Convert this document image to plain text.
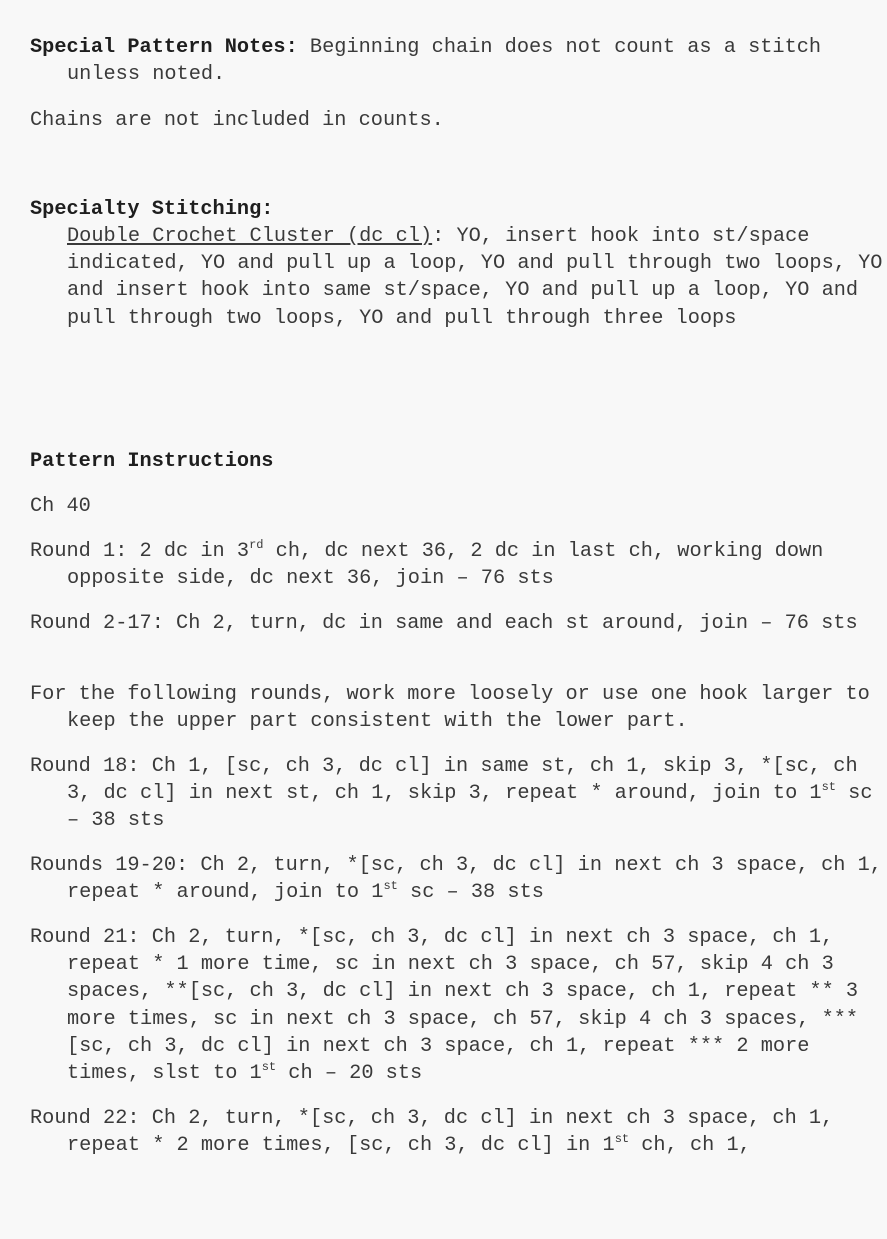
Special Pattern Notes: Beginning chain does not count as a stitch unless noted.
Chains are not included in counts.
Specialty Stitching:
Double Crochet Cluster (dc cl): YO, insert hook into st/space indicated, YO and pull up a loop, YO and pull through two loops, YO and insert hook into same st/space, YO and pull up a loop, YO and pull through two loops, YO and pull through three loops
Pattern Instructions
Ch 40
Round 1: 2 dc in 3rd ch, dc next 36, 2 dc in last ch, working down opposite side, dc next 36, join – 76 sts
Round 2-17: Ch 2, turn, dc in same and each st around, join – 76 sts
For the following rounds, work more loosely or use one hook larger to keep the upper part consistent with the lower part.
Round 18: Ch 1, [sc, ch 3, dc cl] in same st, ch 1, skip 3, *[sc, ch 3, dc cl] in next st, ch 1, skip 3, repeat * around, join to 1st sc – 38 sts
Rounds 19-20: Ch 2, turn, *[sc, ch 3, dc cl] in next ch 3 space, ch 1, repeat * around, join to 1st sc – 38 sts
Round 21: Ch 2, turn, *[sc, ch 3, dc cl] in next ch 3 space, ch 1, repeat * 1 more time, sc in next ch 3 space, ch 57, skip 4 ch 3 spaces, **[sc, ch 3, dc cl] in next ch 3 space, ch 1, repeat ** 3 more times, sc in next ch 3 space, ch 57, skip 4 ch 3 spaces, ***[sc, ch 3, dc cl] in next ch 3 space, ch 1, repeat *** 2 more times, slst to 1st ch – 20 sts
Round 22: Ch 2, turn, *[sc, ch 3, dc cl] in next ch 3 space, ch 1, repeat * 2 more times, [sc, ch 3, dc cl] in 1st ch, ch 1,
